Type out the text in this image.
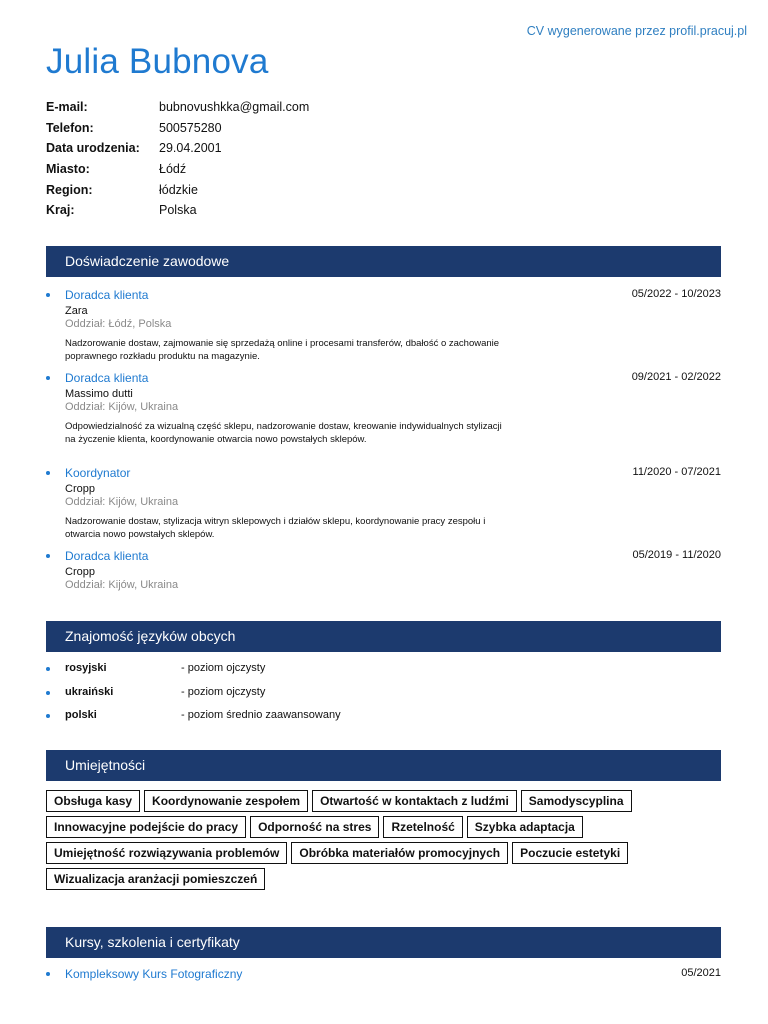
CV wygenerowane przez profil.pracuj.pl
Julia Bubnova
E-mail:	bubnovushkka@gmail.com
Telefon:	500575280
Data urodzenia:	29.04.2001
Miasto:	Łódź
Region:	łódzkie
Kraj:	Polska
Doświadczenie zawodowe
Doradca klienta	05/2022 - 10/2023
Zara
Oddział: Łódź, Polska
Nadzorowanie dostaw, zajmowanie się sprzedażą online i procesami transferów, dbałość o zachowanie poprawnego rozkładu produktu na magazynie.
Doradca klienta	09/2021 - 02/2022
Massimo dutti
Oddział: Kijów, Ukraina
Odpowiedzialność za wizualną część sklepu, nadzorowanie dostaw, kreowanie indywidualnych stylizacji na życzenie klienta, koordynowanie otwarcia nowo powstałych sklepów.
Koordynator	11/2020 - 07/2021
Cropp
Oddział: Kijów, Ukraina
Nadzorowanie dostaw, stylizacja witryn sklepowych i działów sklepu, koordynowanie pracy zespołu i otwarcia nowo powstałych sklepów.
Doradca klienta	05/2019 - 11/2020
Cropp
Oddział: Kijów, Ukraina
Znajomość języków obcych
rosyjski	- poziom ojczysty
ukraiński	- poziom ojczysty
polski	- poziom średnio zaawansowany
Umiejętności
Obsługa kasy	Koordynowanie zespołem	Otwartość w kontaktach z ludźmi	Samodyscyplina
Innowacyjne podejście do pracy	Odporność na stres	Rzetelność	Szybka adaptacja
Umiejętność rozwiązywania problemów	Obróbka materiałów promocyjnych	Poczucie estetyki
Wizualizacja aranżacji pomieszczeń
Kursy, szkolenia i certyfikaty
Kompleksowy Kurs Fotograficzny	05/2021
